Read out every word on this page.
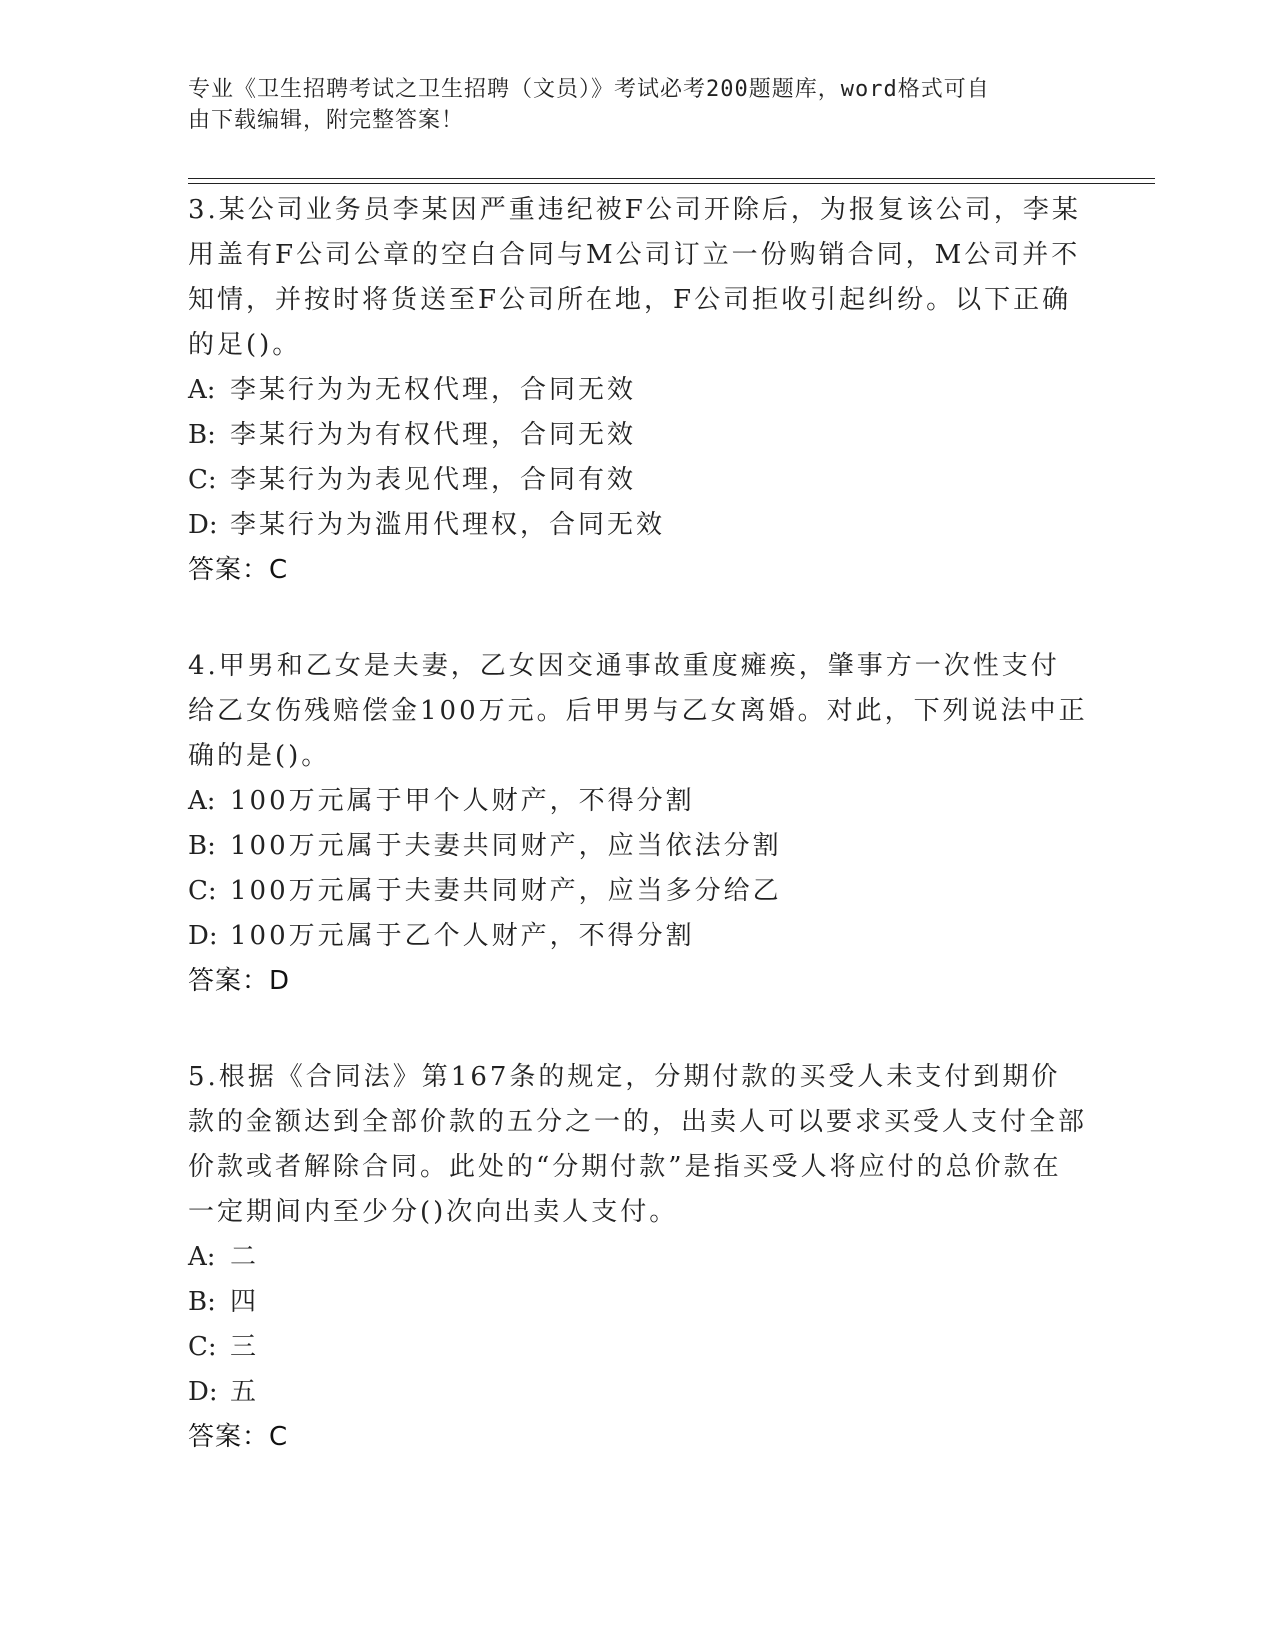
专业《卫生招聘考试之卫生招聘（文员）》考试必考200题题库，word格式可自
由下载编辑，附完整答案！

3.某公司业务员李某因严重违纪被F公司开除后，为报复该公司，李某用盖有F公司公章的空白合同与M公司订立一份购销合同，M公司并不知情，并按时将货送至F公司所在地，F公司拒收引起纠纷。以下正确的足()。

A: 李某行为为无权代理，合同无效

B: 李某行为为有权代理，合同无效

C: 李某行为为表见代理，合同有效

D: 李某行为为滥用代理权，合同无效

答案：C

4.甲男和乙女是夫妻，乙女因交通事故重度瘫痪，肇事方一次性支付给乙女伤残赔偿金100万元。后甲男与乙女离婚。对此，下列说法中正确的是()。

A: 100万元属于甲个人财产，不得分割

B: 100万元属于夫妻共同财产，应当依法分割

C: 100万元属于夫妻共同财产，应当多分给乙

D: 100万元属于乙个人财产，不得分割

答案：D

5.根据《合同法》第167条的规定，分期付款的买受人未支付到期价款的金额达到全部价款的五分之一的，出卖人可以要求买受人支付全部价款或者解除合同。此处的“分期付款”是指买受人将应付的总价款在一定期间内至少分()次向出卖人支付。

A: 二

B: 四

C: 三

D: 五

答案：C
